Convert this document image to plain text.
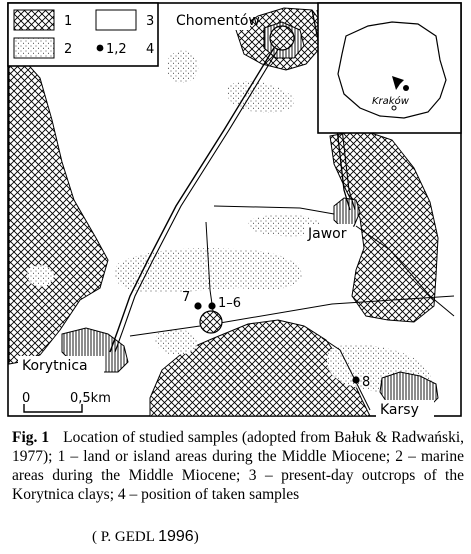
1	3
2	1,2 4
Chomentów
Jawor
Korytnica
Karsy
Kraków
7 1–6
8
0	0,5km
Fig. 1 Location of studied samples (adopted from Bałuk & Radwański, 1977); 1 – land or island areas during the Middle Miocene; 2 – marine areas during the Middle Miocene; 3 – present-day outcrops of the Korytnica clays; 4 – position of taken samples
( P. GEDL 1996)
